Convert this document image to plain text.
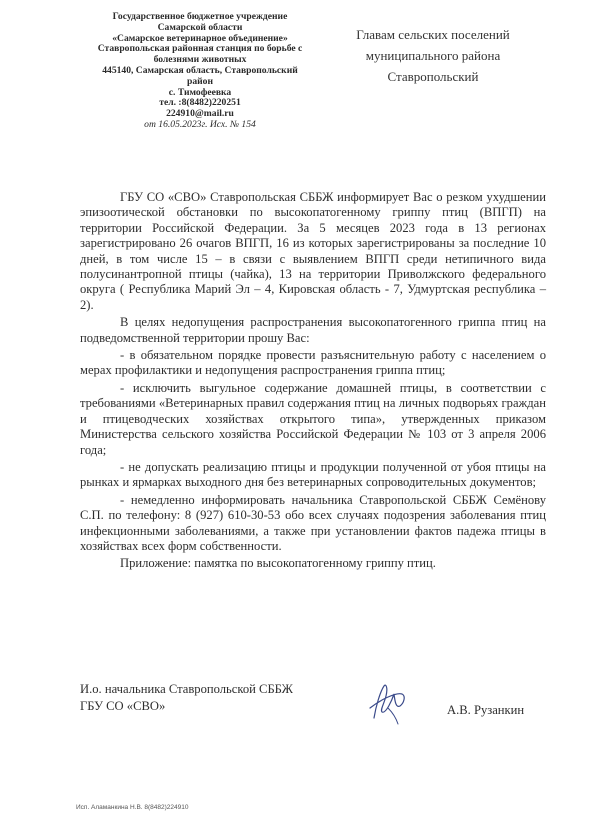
Государственное бюджетное учреждение
Самарской области
«Самарское ветеринарное объединение»
Ставропольская районная станция по борьбе с
болезнями животных
445140, Самарская область, Ставропольский
район
с. Тимофеевка
тел. :8(8482)220251
224910@mail.ru
от 16.05.2023г. Исх. № 154
Главам сельских поселений
муниципального района
Ставропольский

ГБУ СО «СВО» Ставропольская СББЖ информирует Вас о резком ухудшении эпизоотической обстановки по высокопатогенному гриппу птиц (ВПГП) на территории Российской Федерации. За 5 месяцев 2023 года в 13 регионах зарегистрировано 26 очагов ВПГП, 16 из которых зарегистрированы за последние 10 дней, в том числе 15 – в связи с выявлением ВПГП среди нетипичного вида полусинантропной птицы (чайка), 13 на территории Приволжского федерального округа ( Республика Марий Эл – 4, Кировская область - 7, Удмуртская республика – 2).

В целях недопущения распространения высокопатогенного гриппа птиц на подведомственной территории прошу Вас:

- в обязательном порядке провести разъяснительную работу с населением о мерах профилактики и недопущения распространения гриппа птиц;

- исключить выгульное содержание домашней птицы, в соответствии с требованиями «Ветеринарных правил содержания птиц на личных подворьях граждан и птицеводческих хозяйствах открытого типа», утвержденных приказом Министерства сельского хозяйства Российской Федерации № 103 от 3 апреля 2006 года;

- не допускать реализацию птицы и продукции полученной от убоя птицы на рынках и ярмарках выходного дня без ветеринарных сопроводительных документов;

- немедленно информировать начальника Ставропольской СББЖ Семёнову С.П. по телефону: 8 (927) 610-30-53 обо всех случаях подозрения заболевания птиц инфекционными заболеваниями, а также при установлении фактов падежа птицы в хозяйствах всех форм собственности.

Приложение: памятка по высокопатогенному гриппу птиц.

И.о. начальника Ставропольской СББЖ
ГБУ СО «СВО»	А.В. Рузанкин
Исп. Аламанкина Н.В. 8(8482)224910
